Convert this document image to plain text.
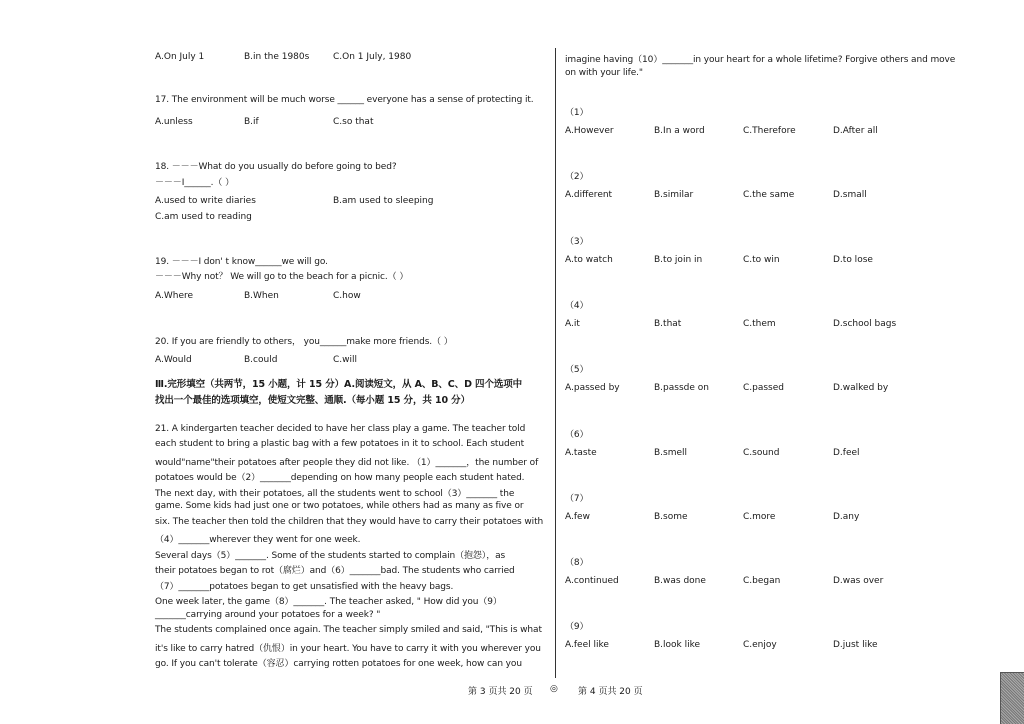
A.On July 1	B.in the 1980s	C.On 1 July, 1980
17. The environment will be much worse ______ everyone has a sense of protecting it.
A.unless	B.if	C.so that
18. －－－What do you usually do before going to bed?
－－－I______.（ ）
A.used to write diaries	B.am used to sleeping
C.am used to reading
19. －－－I don' t know______we will go.
－－－Why not？ We will go to the beach for a picnic.（ ）
A.Where	B.When	C.how
20. If you are friendly to others， you______make more friends.（ ）
A.Would	B.could	C.will
Ⅲ.完形填空（共两节，15 小题，计 15 分）A.阅读短文，从 A、B、C、D 四个选项中
找出一个最佳的选项填空，使短文完整、通顺.（每小题 15 分，共 10 分）
21. A kindergarten teacher decided to have her class play a game. The teacher told
each student to bring a plastic bag with a few potatoes in it to school. Each student
would"name"their potatoes after people they did not like. （1）_______，the number of
potatoes would be（2）_______depending on how many people each student hated.
The next day, with their potatoes, all the students went to school（3）_______ the
game. Some kids had just one or two potatoes, while others had as many as five or
six. The teacher then told the children that they would have to carry their potatoes with
（4）_______wherever they went for one week.
Several days（5）_______. Some of the students started to complain（抱怨），as
their potatoes began to rot（腐烂）and（6）_______bad. The students who carried
（7）_______potatoes began to get unsatisfied with the heavy bags.
One week later, the game（8）_______. The teacher asked, " How did you（9）
_______carrying around your potatoes for a week? "
The students complained once again. The teacher simply smiled and said, "This is what
it's like to carry hatred（仇恨）in your heart. You have to carry it with you wherever you
go. If you can't tolerate（容忍）carrying rotten potatoes for one week, how can you
imagine having（10）_______in your heart for a whole lifetime? Forgive others and move
on with your life."
（1）
A.However	B.In a word	C.Therefore	D.After all
（2）
A.different	B.similar	C.the same	D.small
（3）
A.to watch	B.to join in	C.to win	D.to lose
（4）
A.it	B.that	C.them	D.school bags
（5）
A.passed by	B.passde on	C.passed	D.walked by
（6）
A.taste	B.smell	C.sound	D.feel
（7）
A.few	B.some	C.more	D.any
（8）
A.continued	B.was done	C.began	D.was over
（9）
A.feel like	B.look like	C.enjoy	D.just like
第 3 页共 20 页 ◎ 第 4 页共 20 页
